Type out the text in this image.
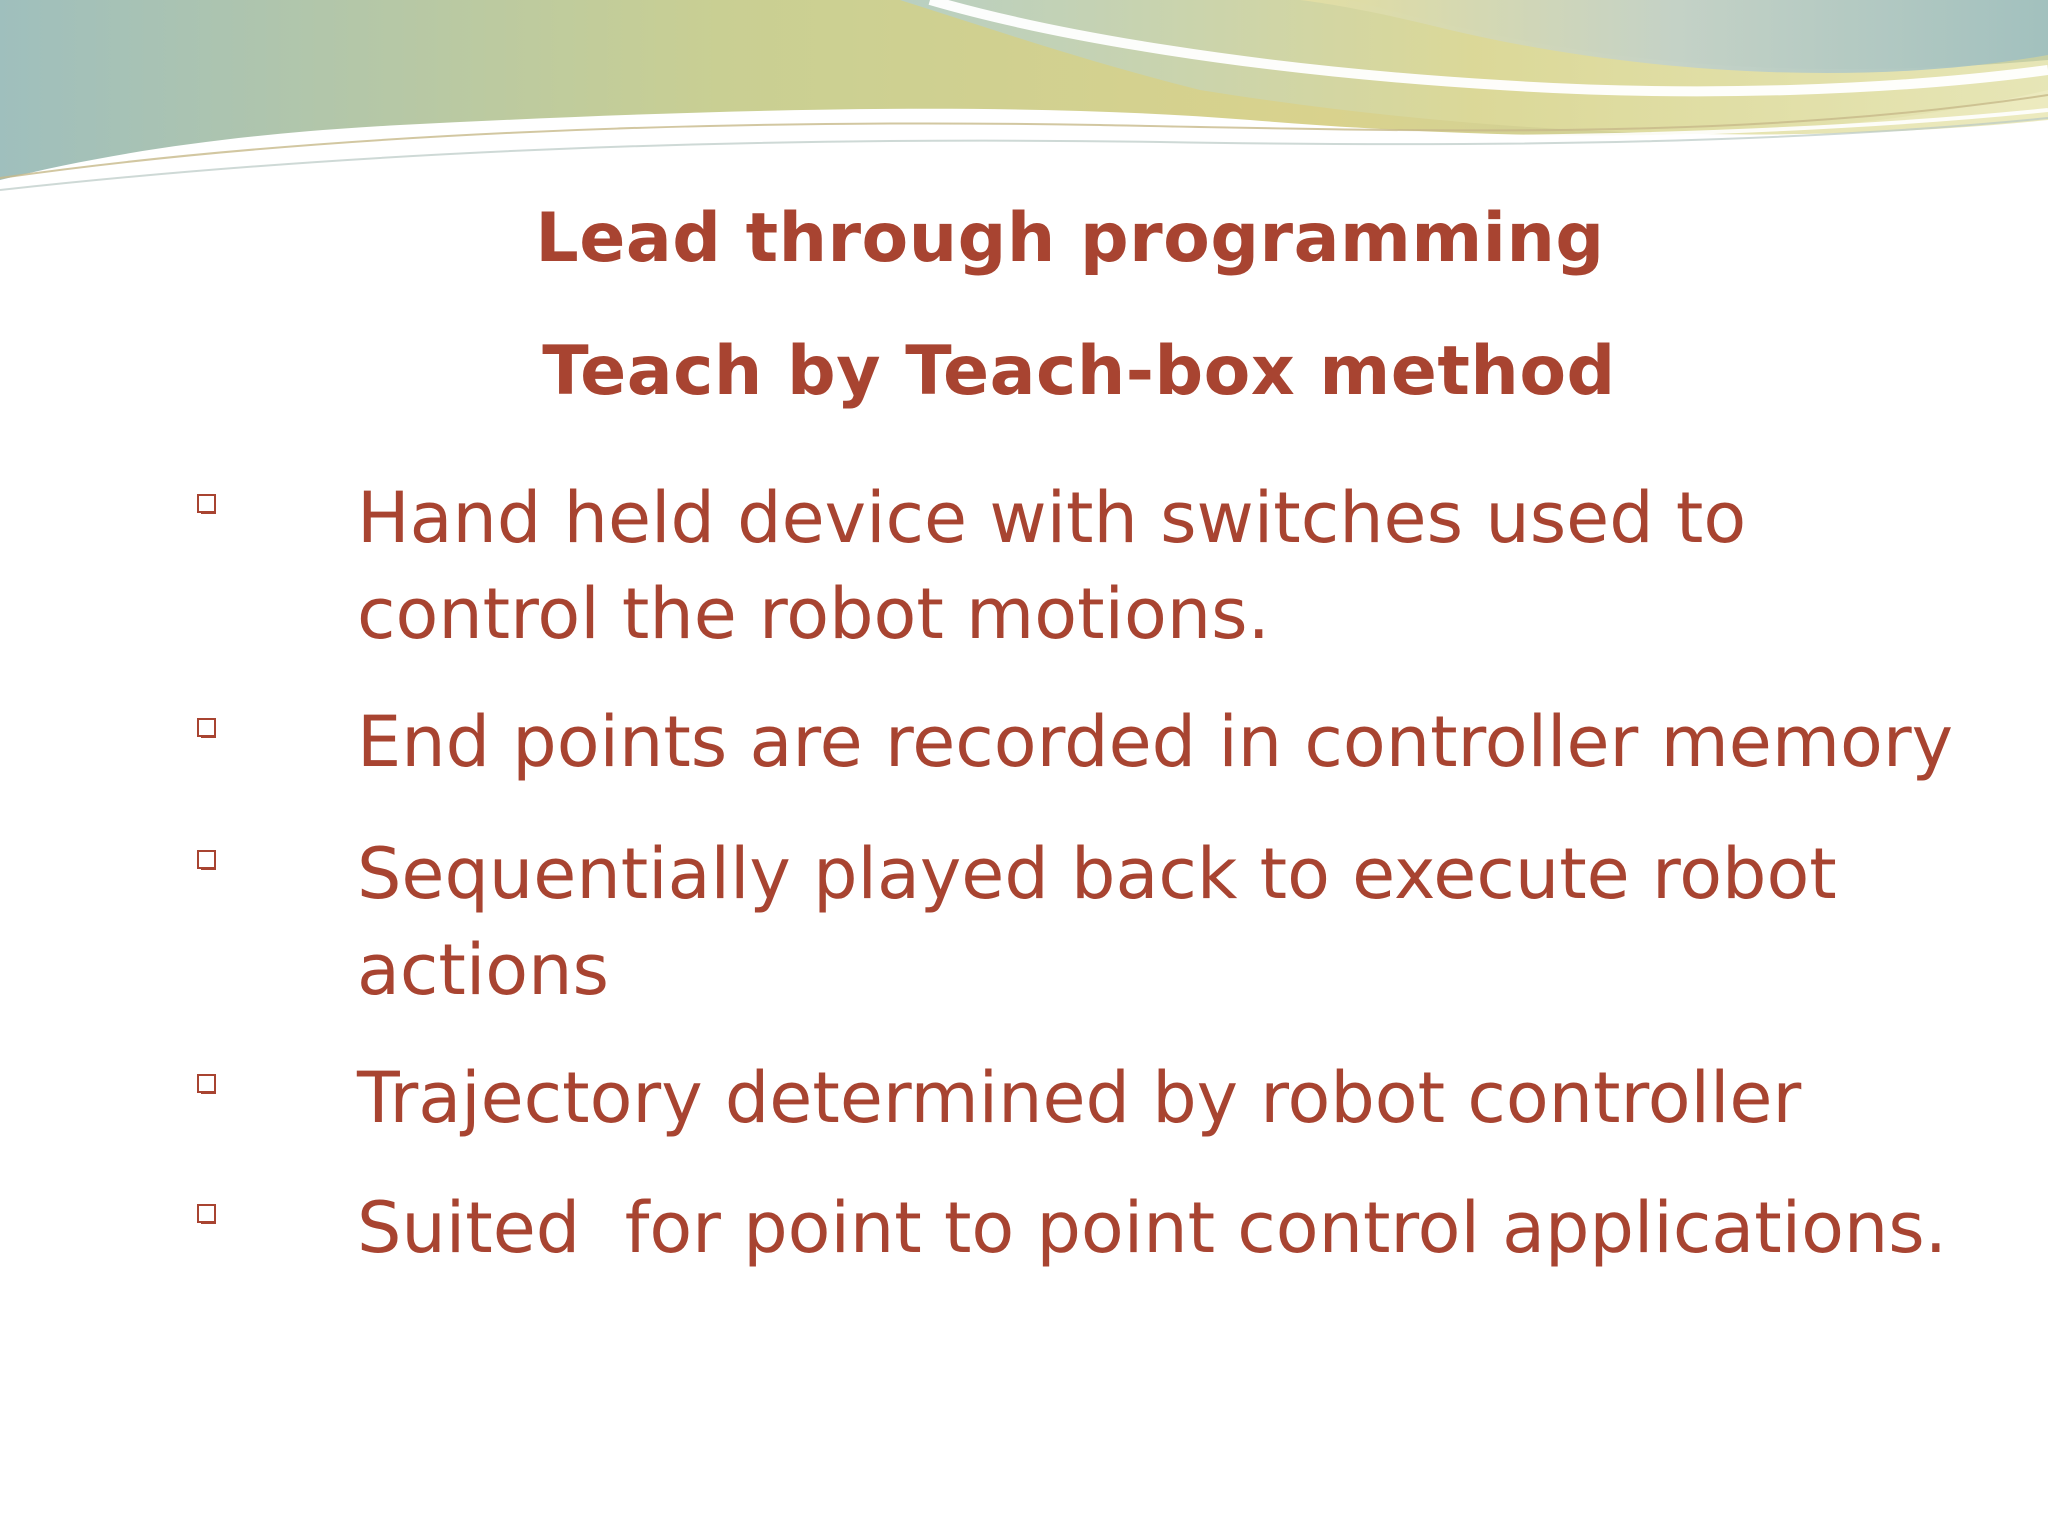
Lead through programming
Teach by Teach-box method
Hand held device with switches used to control the robot motions.
End points are recorded in controller memory
Sequentially played back to execute robot actions
Trajectory determined by robot controller
Suited  for point to point control applications.
